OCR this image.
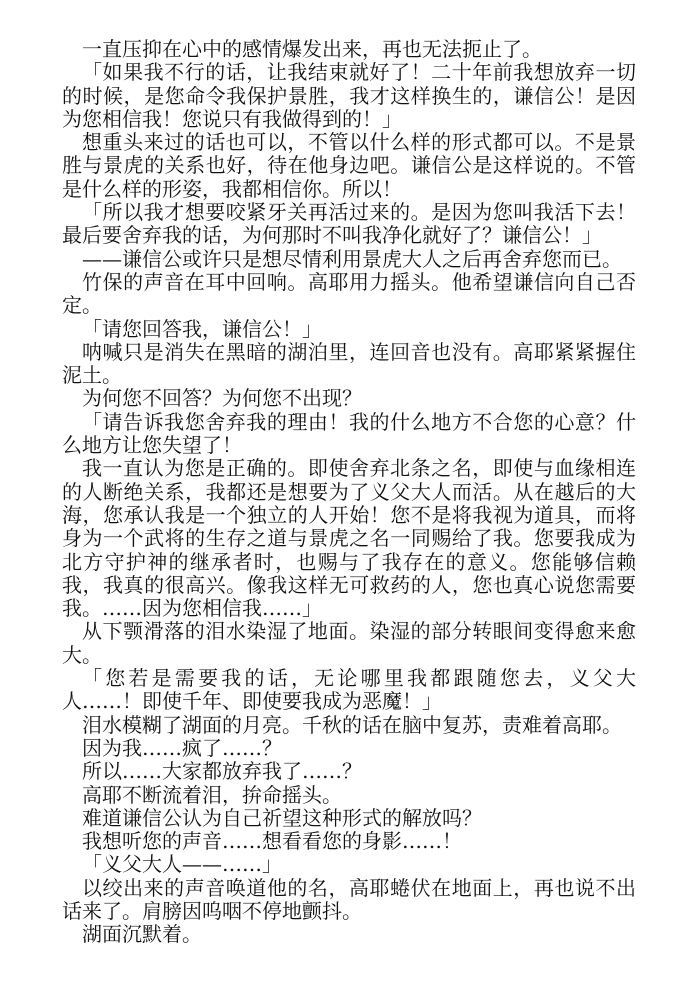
一直压抑在心中的感情爆发出来，再也无法扼止了。

「如果我不行的话，让我结束就好了！二十年前我想放弃一切的时候，是您命令我保护景胜，我才这样换生的，谦信公！是因为您相信我！您说只有我做得到的！」

想重头来过的话也可以，不管以什么样的形式都可以。不是景胜与景虎的关系也好，待在他身边吧。谦信公是这样说的。不管是什么样的形姿，我都相信你。所以！

「所以我才想要咬紧牙关再活过来的。是因为您叫我活下去！最后要舍弃我的话，为何那时不叫我净化就好了？谦信公！」

——谦信公或许只是想尽情利用景虎大人之后再舍弃您而已。

竹保的声音在耳中回响。高耶用力摇头。他希望谦信向自己否定。

「请您回答我，谦信公！」

呐喊只是消失在黑暗的湖泊里，连回音也没有。高耶紧紧握住泥土。

为何您不回答？为何您不出现？

「请告诉我您舍弃我的理由！我的什么地方不合您的心意？什么地方让您失望了！

我一直认为您是正确的。即使舍弃北条之名，即使与血缘相连的人断绝关系，我都还是想要为了义父大人而活。从在越后的大海，您承认我是一个独立的人开始！您不是将我视为道具，而将身为一个武将的生存之道与景虎之名一同赐给了我。您要我成为北方守护神的继承者时，也赐与了我存在的意义。您能够信赖我，我真的很高兴。像我这样无可救药的人，您也真心说您需要我。……因为您相信我……」

从下颚滑落的泪水染湿了地面。染湿的部分转眼间变得愈来愈大。

「您若是需要我的话，无论哪里我都跟随您去，义父大人……！即使千年、即使要我成为恶魔！」

泪水模糊了湖面的月亮。千秋的话在脑中复苏，责难着高耶。

因为我……疯了……？

所以……大家都放弃我了……？

高耶不断流着泪，拚命摇头。

难道谦信公认为自己祈望这种形式的解放吗？

我想听您的声音……想看看您的身影……！

「义父大人——……」

以绞出来的声音唤道他的名，高耶蜷伏在地面上，再也说不出话来了。肩膀因呜咽不停地颤抖。

湖面沉默着。
